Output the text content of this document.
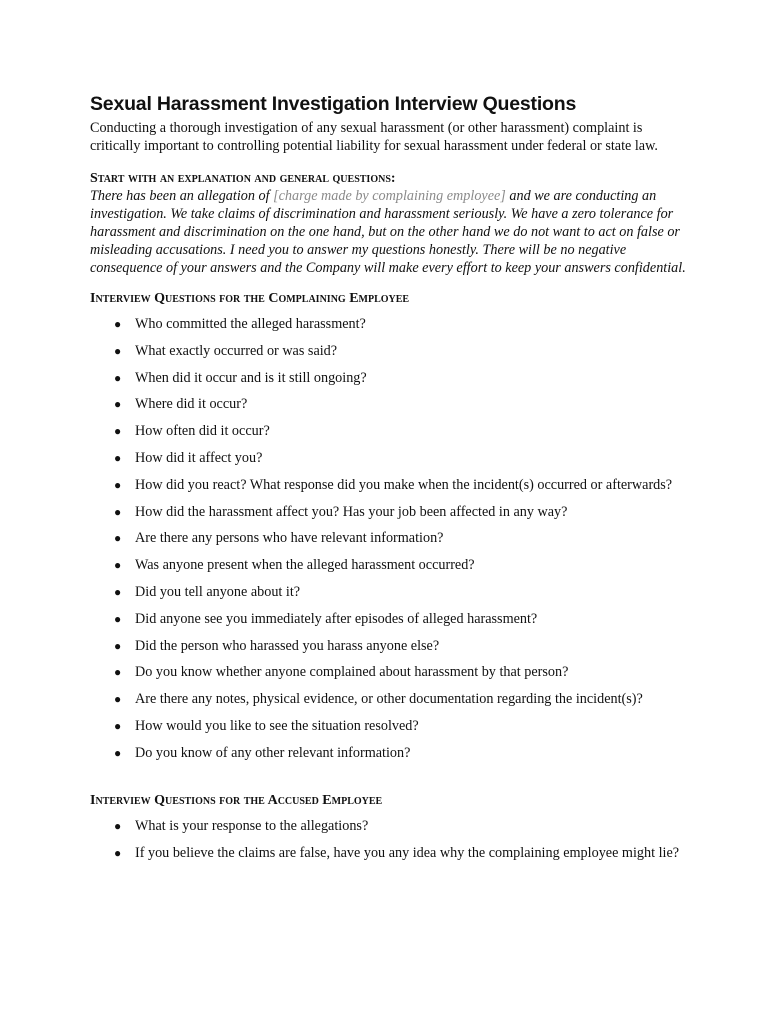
Sexual Harassment Investigation Interview Questions

Conducting a thorough investigation of any sexual harassment (or other harassment) complaint is critically important to controlling potential liability for sexual harassment under federal or state law.

Start with an explanation and general questions:

There has been an allegation of [charge made by complaining employee] and we are conducting an investigation. We take claims of discrimination and harassment seriously. We have a zero tolerance for harassment and discrimination on the one hand, but on the other hand we do not want to act on false or misleading accusations. I need you to answer my questions honestly. There will be no negative consequence of your answers and the Company will make every effort to keep your answers confidential.

Interview Questions for the Complaining Employee

● Who committed the alleged harassment?
● What exactly occurred or was said?
● When did it occur and is it still ongoing?
● Where did it occur?
● How often did it occur?
● How did it affect you?
● How did you react? What response did you make when the incident(s) occurred or afterwards?
● How did the harassment affect you? Has your job been affected in any way?
● Are there any persons who have relevant information?
● Was anyone present when the alleged harassment occurred?
● Did you tell anyone about it?
● Did anyone see you immediately after episodes of alleged harassment?
● Did the person who harassed you harass anyone else?
● Do you know whether anyone complained about harassment by that person?
● Are there any notes, physical evidence, or other documentation regarding the incident(s)?
● How would you like to see the situation resolved?
● Do you know of any other relevant information?

Interview Questions for the Accused Employee

● What is your response to the allegations?
● If you believe the claims are false, have you any idea why the complaining employee might lie?
